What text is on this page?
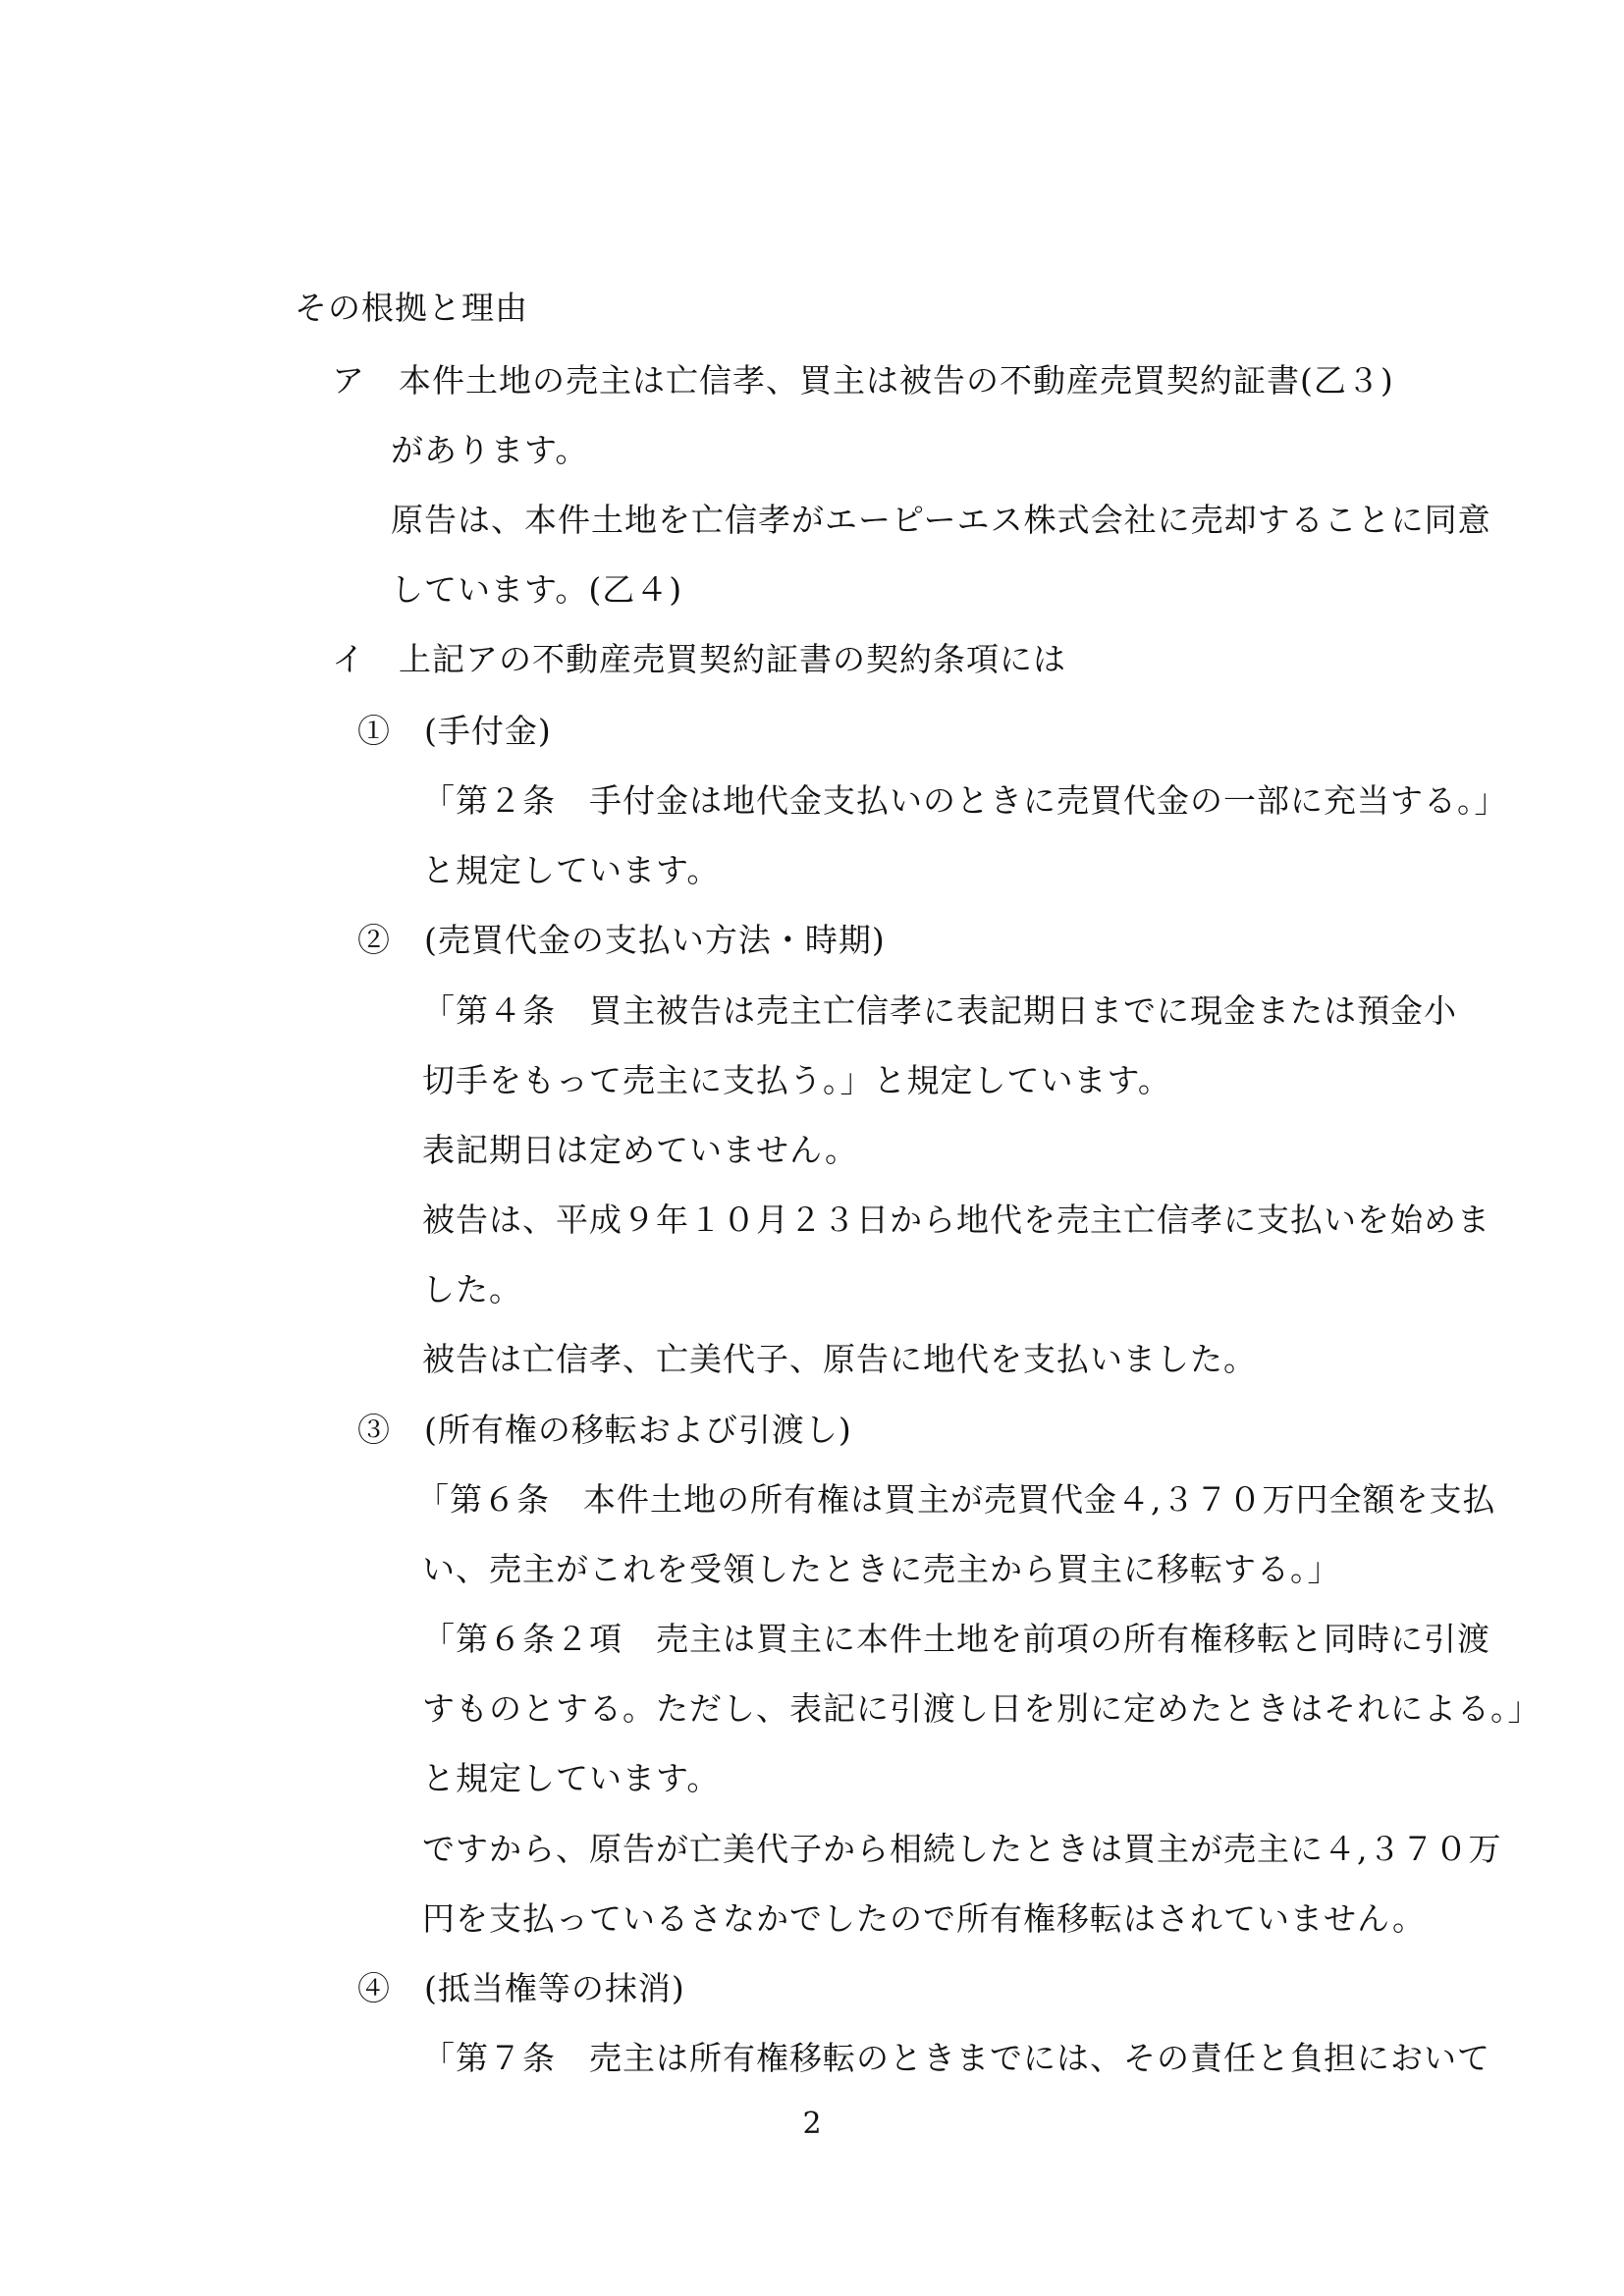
その根拠と理由
ア　本件土地の売主は亡信孝、買主は被告の不動産売買契約証書(乙３)
があります。
原告は、本件土地を亡信孝がエーピーエス株式会社に売却することに同意
しています。(乙４)
イ　上記アの不動産売買契約証書の契約条項には
①　(手付金)
「第２条　手付金は地代金支払いのときに売買代金の一部に充当する。」
と規定しています。
②　(売買代金の支払い方法・時期)
「第４条　買主被告は売主亡信孝に表記期日までに現金または預金小
切手をもって売主に支払う。」と規定しています。
表記期日は定めていません。
被告は、平成９年１０月２３日から地代を売主亡信孝に支払いを始めま
した。
被告は亡信孝、亡美代子、原告に地代を支払いました。
③　(所有権の移転および引渡し)
「第６条　本件土地の所有権は買主が売買代金４,３７０万円全額を支払
い、売主がこれを受領したときに売主から買主に移転する。」
「第６条２項　売主は買主に本件土地を前項の所有権移転と同時に引渡
すものとする。ただし、表記に引渡し日を別に定めたときはそれによる。」
と規定しています。
ですから、原告が亡美代子から相続したときは買主が売主に４,３７０万
円を支払っているさなかでしたので所有権移転はされていません。
④　(抵当権等の抹消)
「第７条　売主は所有権移転のときまでには、その責任と負担において
2
